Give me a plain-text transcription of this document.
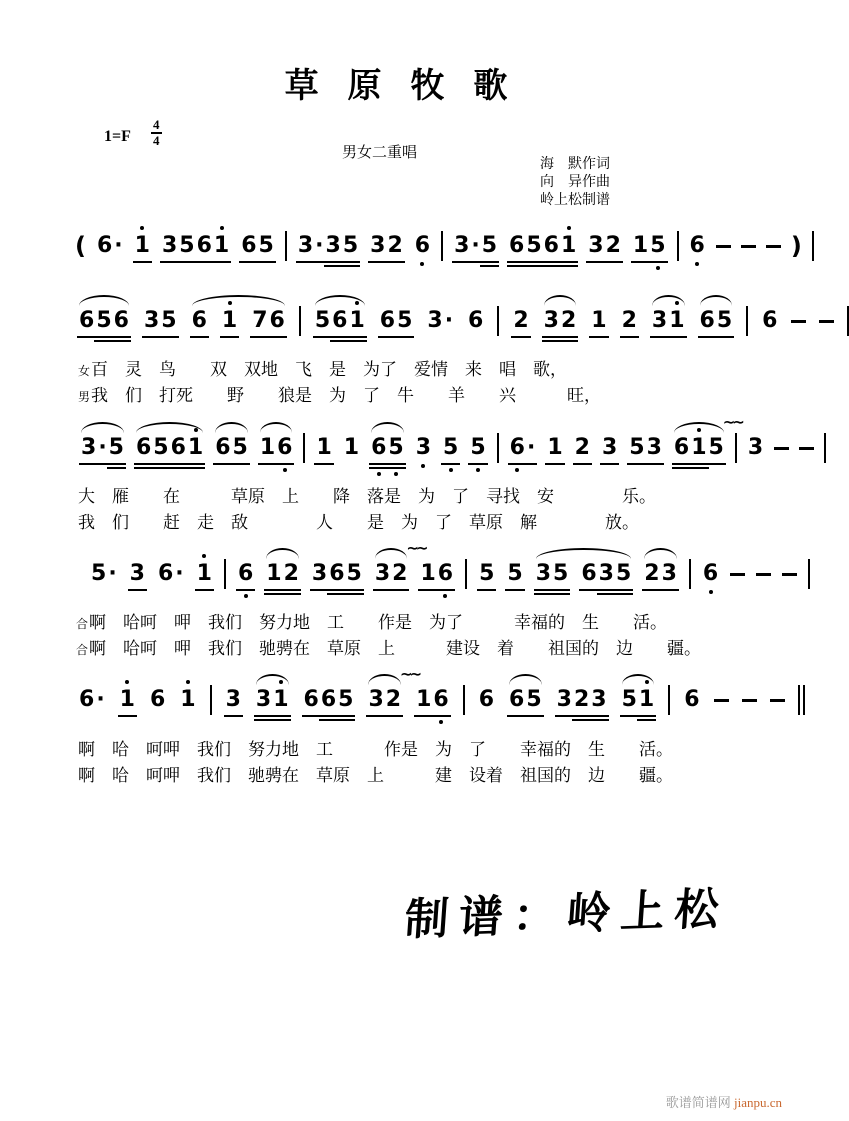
草原牧歌
$1=F \frac{4}{4}$
男女二重唱
海　默作词
向　异作曲
岭上松制谱
( 6 · 1 3 5 6 1 6 5 3 · 3 5 3 2 6 3 · 5 6 5 6 1 3 2 1 5 6	)
6 5 6 3 5 6 1 7 6 5 6 1 6 5 3 · 6 2 3 2 1 2 3 1 6 5 6
女 百　灵　鸟　　双　双地　飞　是　为了　爱情　来　唱　歌，
男 我　们　打死　　野　　狼是　为　了　牛　　羊　　兴　　　旺，
3 · 5 6 5 6 1 6 5 1 6 1 1 6 5 3 5 5 6 · 1 2 3 5 3 6 1 5
∼∼
3
大　雁　　在　　　草原　上　　降　落是　为　了　寻找　安　　　　乐。
我　们　　赶　走　敌　　　　人　　是　为　了　草原　解　　　　放。
5 · 3 6 · 1 6 1 2 3 6 5 3 2
∼∼
1 6 5 5 3 5 6 3 5 2 3 6
合 啊　哈呵　呷　我们　努力地　工　　作是　为了　　　幸福的　生　　活。
合 啊　哈呵　呷　我们　驰骋在　草原　上　　　建设　着　　祖国的　边　　疆。
6 · 1 6 1 3 3 1 6 6 5 3 2
∼∼
1 6 6 6 5 3 2 3 5 1 6
啊　哈　呵呷　我们　努力地　工　　　作是　为　了　　幸福的　生　　活。
啊　哈　呵呷　我们　驰骋在　草原　上　　　建　设着　祖国的　边　　疆。
制谱：岭上松
歌谱简谱网 jianpu.cn
